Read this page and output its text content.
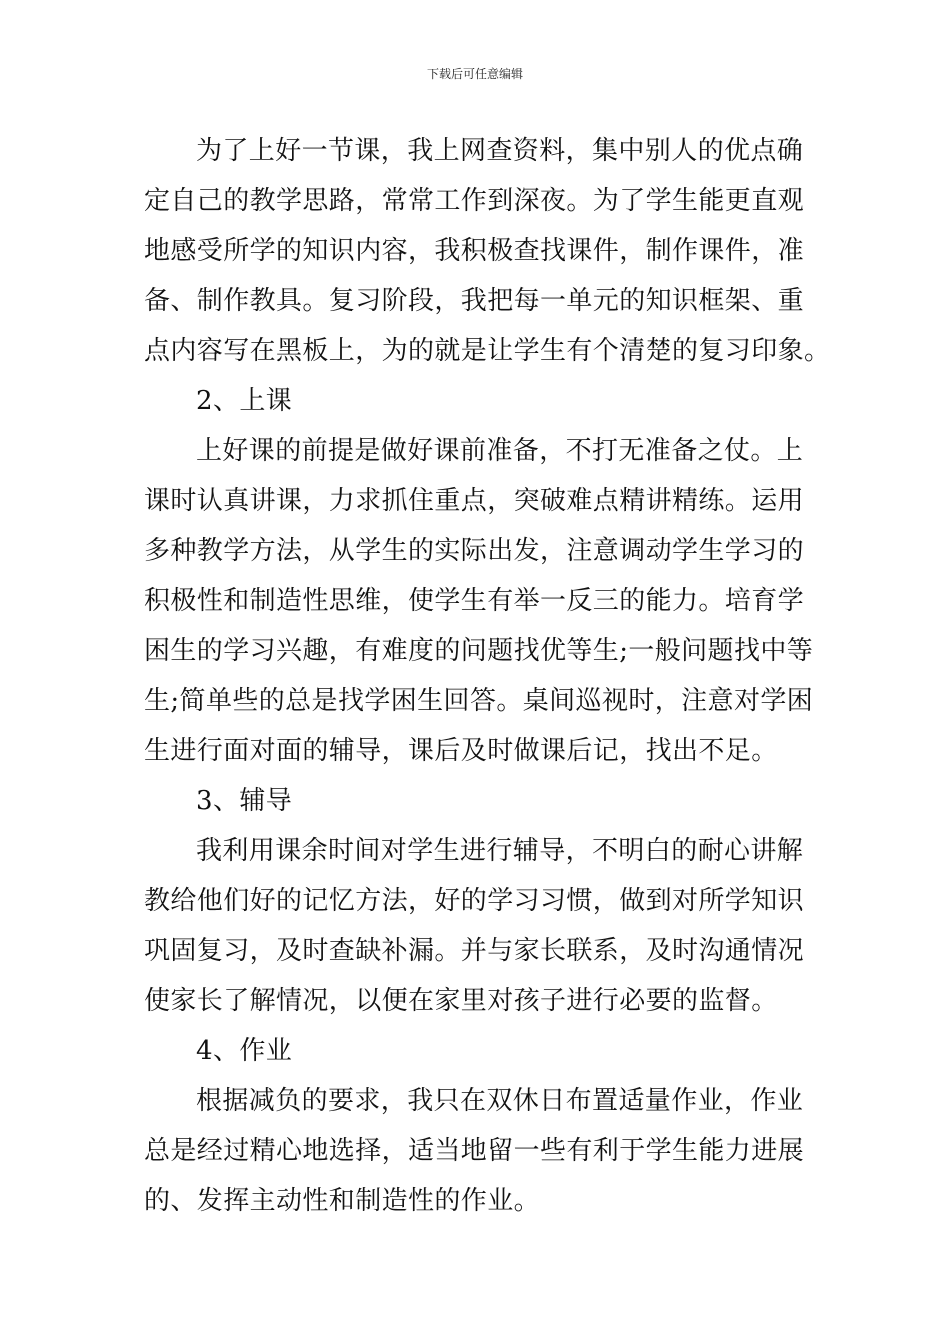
下载后可任意编辑
为了上好一节课，我上网查资料，集中别人的优点确
定自己的教学思路，常常工作到深夜。为了学生能更直观
地感受所学的知识内容，我积极查找课件，制作课件，准
备、制作教具。复习阶段，我把每一单元的知识框架、重
点内容写在黑板上，为的就是让学生有个清楚的复习印象。
2、上课
上好课的前提是做好课前准备，不打无准备之仗。上
课时认真讲课，力求抓住重点，突破难点精讲精练。运用
多种教学方法，从学生的实际出发，注意调动学生学习的
积极性和制造性思维，使学生有举一反三的能力。培育学
困生的学习兴趣，有难度的问题找优等生;一般问题找中等
生;简单些的总是找学困生回答。桌间巡视时，注意对学困
生进行面对面的辅导，课后及时做课后记，找出不足。
3、辅导
我利用课余时间对学生进行辅导，不明白的耐心讲解
教给他们好的记忆方法，好的学习习惯，做到对所学知识
巩固复习，及时查缺补漏。并与家长联系，及时沟通情况
使家长了解情况，以便在家里对孩子进行必要的监督。
4、作业
根据减负的要求，我只在双休日布置适量作业，作业
总是经过精心地选择，适当地留一些有利于学生能力进展
的、发挥主动性和制造性的作业。
